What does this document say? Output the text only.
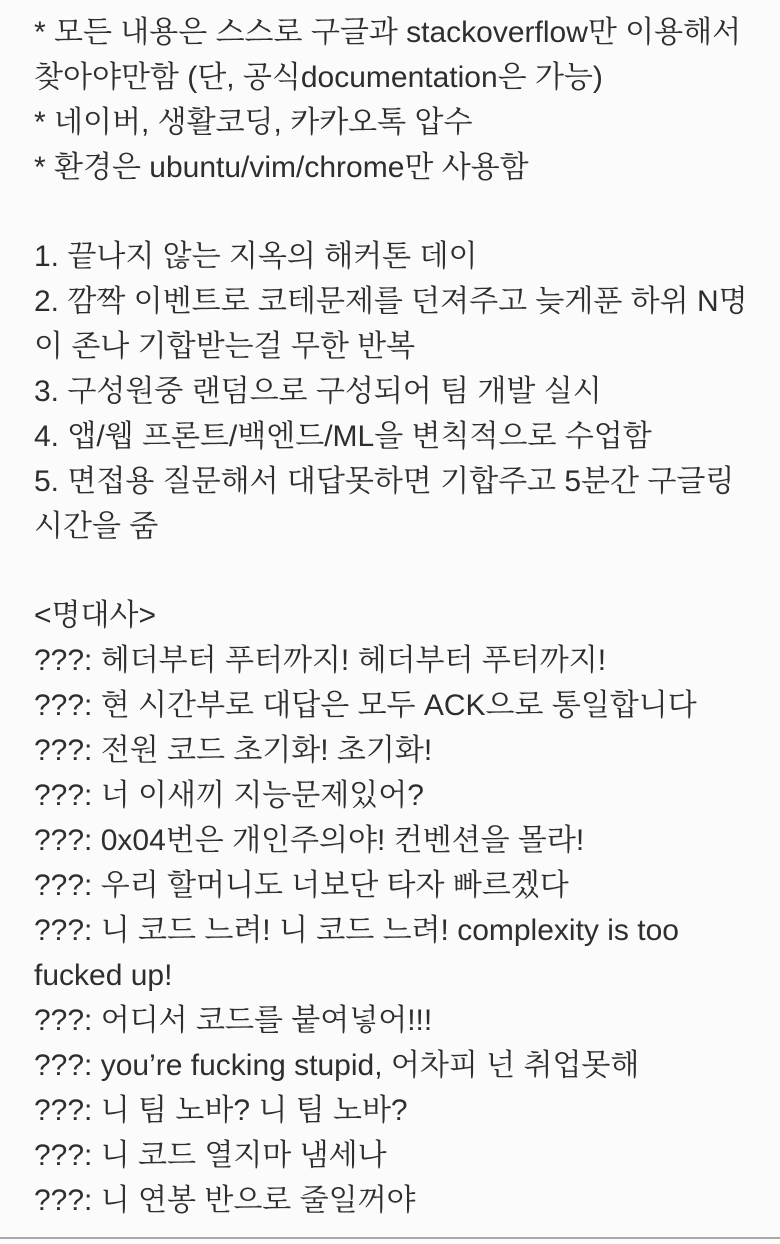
* 모든 내용은 스스로 구글과 stackoverflow만 이용해서 찾아야만함 (단, 공식documentation은 가능)

* 네이버, 생활코딩, 카카오톡 압수

* 환경은 ubuntu/vim/chrome만 사용함

1. 끝나지 않는 지옥의 해커톤 데이

2. 깜짝 이벤트로 코테문제를 던져주고 늦게푼 하위 N명이 존나 기합받는걸 무한 반복

3. 구성원중 랜덤으로 구성되어 팀 개발 실시

4. 앱/웹 프론트/백엔드/ML을 변칙적으로 수업함

5. 면접용 질문해서 대답못하면 기합주고 5분간 구글링시간을 줌

<명대사>

???: 헤더부터 푸터까지! 헤더부터 푸터까지!

???: 현 시간부로 대답은 모두 ACK으로 통일합니다

???: 전원 코드 초기화! 초기화!

???: 너 이새끼 지능문제있어?

???: 0x04번은 개인주의야! 컨벤션을 몰라!

???: 우리 할머니도 너보단 타자 빠르겠다

???: 니 코드 느려! 니 코드 느려! complexity is too fucked up!

???: 어디서 코드를 붙여넣어!!!

???: you’re fucking stupid, 어차피 넌 취업못해

???: 니 팀 노바? 니 팀 노바?

???: 니 코드 열지마 냄세나

???: 니 연봉 반으로 줄일꺼야
